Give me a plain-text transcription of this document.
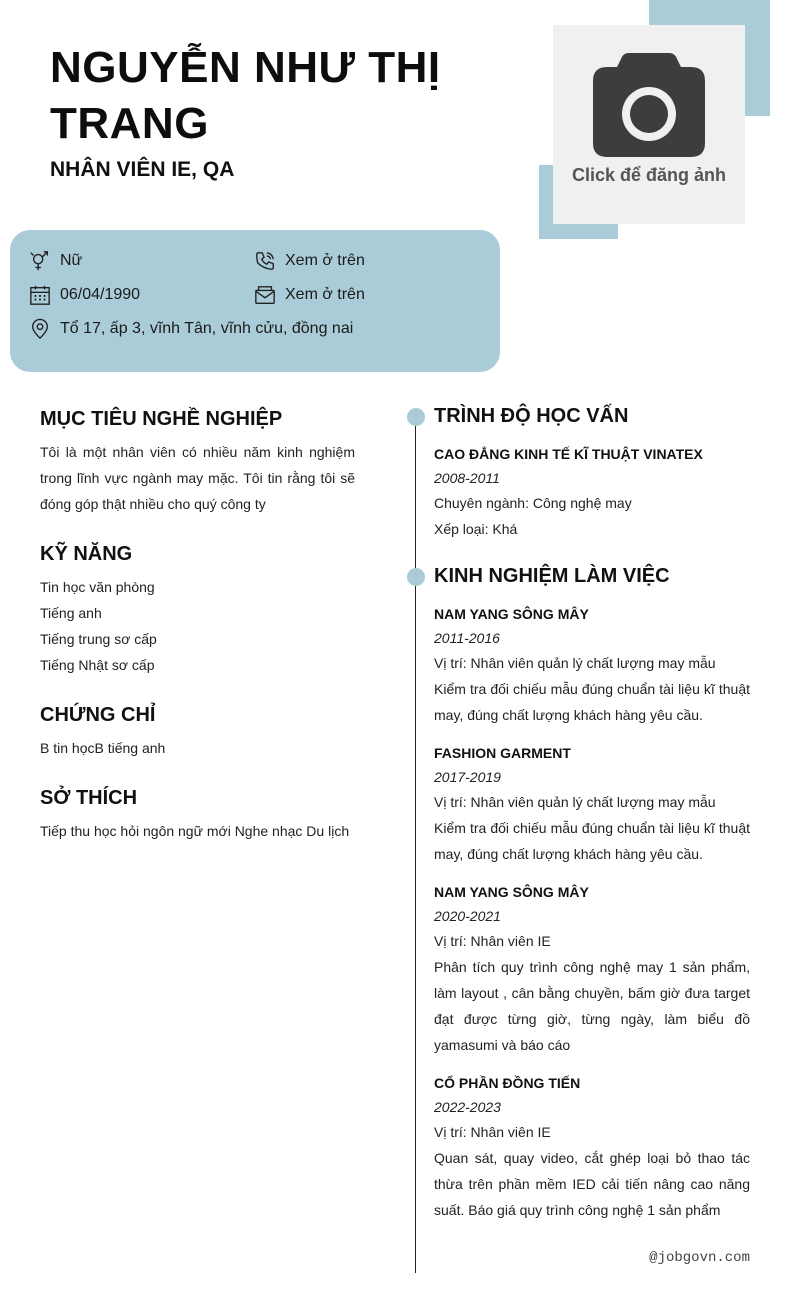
NGUYỄN NHƯ THỊ TRANG
NHÂN VIÊN IE, QA	Click để đăng ảnh
Nữ	Xem ở trên
06/04/1990	Xem ở trên
Tổ 17, ấp 3, vĩnh Tân, vĩnh cửu, đồng nai
MỤC TIÊU NGHỀ NGHIỆP
Tôi là một nhân viên có nhiều năm kinh nghiệm trong lĩnh vực ngành may mặc. Tôi tin rằng tôi sẽ đóng góp thật nhiều cho quý công ty
KỸ NĂNG
Tin học văn phòng
Tiếng anh
Tiếng trung sơ cấp
Tiếng Nhật sơ cấp
CHỨNG CHỈ
B tin họcB tiếng anh
SỞ THÍCH
Tiếp thu học hỏi ngôn ngữ mới Nghe nhạc Du lịch
TRÌNH ĐỘ HỌC VẤN
CAO ĐẲNG KINH TẾ KĨ THUẬT VINATEX
2008-2011
Chuyên ngành: Công nghệ may
Xếp loại: Khá
KINH NGHIỆM LÀM VIỆC
NAM YANG SÔNG MÂY
2011-2016
Vị trí: Nhân viên quản lý chất lượng may mẫu
Kiểm tra đối chiếu mẫu đúng chuẩn tài liệu kĩ thuật may, đúng chất lượng khách hàng yêu cầu.
FASHION GARMENT
2017-2019
Vị trí: Nhân viên quản lý chất lượng may mẫu
Kiểm tra đối chiếu mẫu đúng chuẩn tài liệu kĩ thuật may, đúng chất lượng khách hàng yêu cầu.
NAM YANG SÔNG MÂY
2020-2021
Vị trí: Nhân viên IE
Phân tích quy trình công nghệ may 1 sản phẩm, làm layout , cân bằng chuyền, bấm giờ đưa target đạt được từng giờ, từng ngày, làm biểu đồ yamasumi và báo cáo
CỔ PHẦN ĐỒNG TIẾN
2022-2023
Vị trí: Nhân viên IE
Quan sát, quay video, cắt ghép loại bỏ thao tác thừa trên phần mềm IED cải tiến nâng cao năng suất. Báo giá quy trình công nghệ 1 sản phẩm
@jobgovn.com
